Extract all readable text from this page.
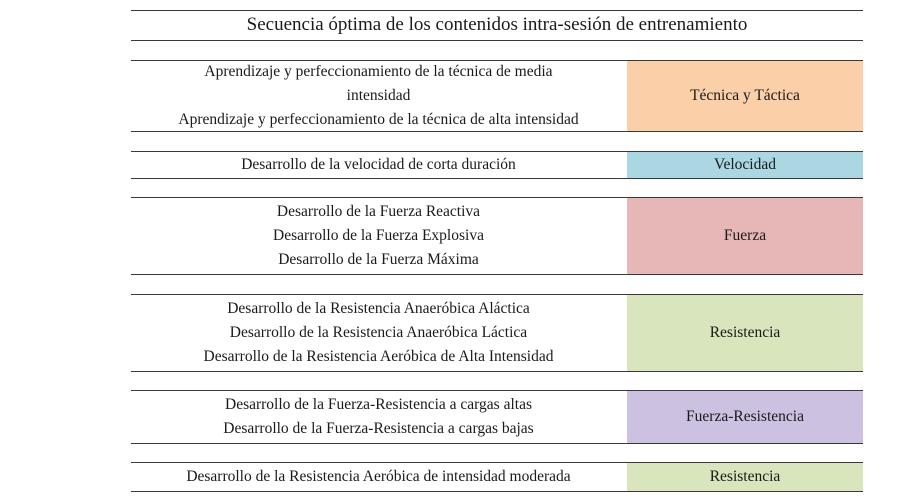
Secuencia óptima de los contenidos intra-sesión de entrenamiento
Aprendizaje y perfeccionamiento de la técnica de media
intensidad
Aprendizaje y perfeccionamiento de la técnica de alta intensidad
Técnica y Táctica
Desarrollo de la velocidad de corta duración	Velocidad
Desarrollo de la Fuerza Reactiva
Desarrollo de la Fuerza Explosiva
Desarrollo de la Fuerza Máxima
Fuerza
Desarrollo de la Resistencia Anaeróbica Aláctica
Desarrollo de la Resistencia Anaeróbica Láctica
Desarrollo de la Resistencia Aeróbica de Alta Intensidad
Resistencia
Desarrollo de la Fuerza-Resistencia a cargas altas
Desarrollo de la Fuerza-Resistencia a cargas bajas
Fuerza-Resistencia
Desarrollo de la Resistencia Aeróbica de intensidad moderada	Resistencia
